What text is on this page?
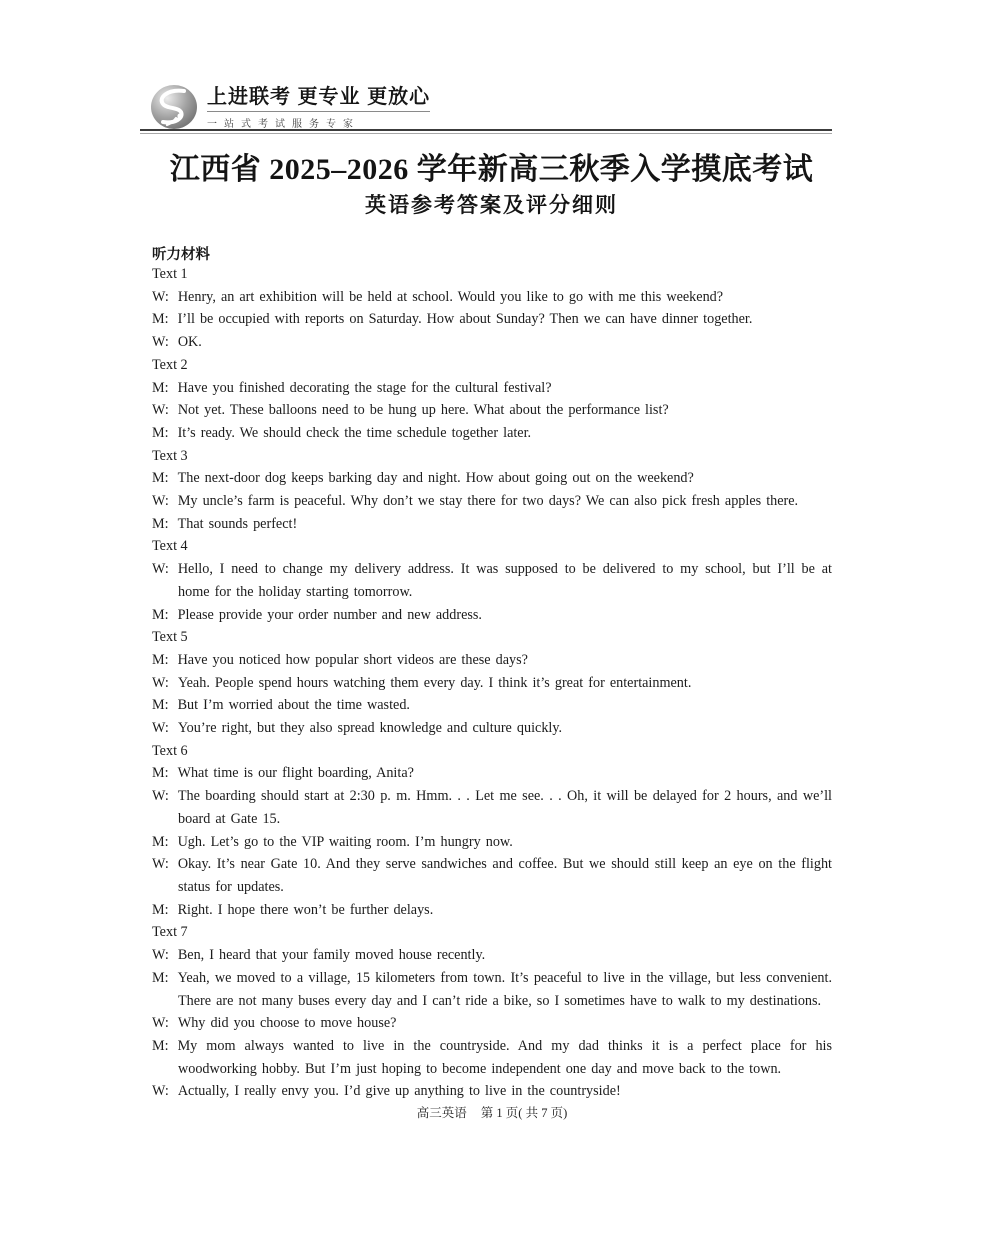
上进联考 更专业 更放心
一站式考试服务专家
江西省 2025–2026 学年新高三秋季入学摸底考试
英语参考答案及评分细则
听力材料
Text 1
W: Henry, an art exhibition will be held at school. Would you like to go with me this weekend?
M: I’ll be occupied with reports on Saturday. How about Sunday? Then we can have dinner together.
W: OK.
Text 2
M: Have you finished decorating the stage for the cultural festival?
W: Not yet. These balloons need to be hung up here. What about the performance list?
M: It’s ready. We should check the time schedule together later.
Text 3
M: The next-door dog keeps barking day and night. How about going out on the weekend?
W: My uncle’s farm is peaceful. Why don’t we stay there for two days? We can also pick fresh apples there.
M: That sounds perfect!
Text 4
W: Hello, I need to change my delivery address. It was supposed to be delivered to my school, but I’ll be at home for the holiday starting tomorrow.
M: Please provide your order number and new address.
Text 5
M: Have you noticed how popular short videos are these days?
W: Yeah. People spend hours watching them every day. I think it’s great for entertainment.
M: But I’m worried about the time wasted.
W: You’re right, but they also spread knowledge and culture quickly.
Text 6
M: What time is our flight boarding, Anita?
W: The boarding should start at 2:30 p. m. Hmm. . . Let me see. . . Oh, it will be delayed for 2 hours, and we’ll board at Gate 15.
M: Ugh. Let’s go to the VIP waiting room. I’m hungry now.
W: Okay. It’s near Gate 10. And they serve sandwiches and coffee. But we should still keep an eye on the flight status for updates.
M: Right. I hope there won’t be further delays.
Text 7
W: Ben, I heard that your family moved house recently.
M: Yeah, we moved to a village, 15 kilometers from town. It’s peaceful to live in the village, but less convenient. There are not many buses every day and I can’t ride a bike, so I sometimes have to walk to my destinations.
W: Why did you choose to move house?
M: My mom always wanted to live in the countryside. And my dad thinks it is a perfect place for his woodworking hobby. But I’m just hoping to become independent one day and move back to the town.
W: Actually, I really envy you. I’d give up anything to live in the countryside!
高三英语 第 1 页( 共 7 页)
